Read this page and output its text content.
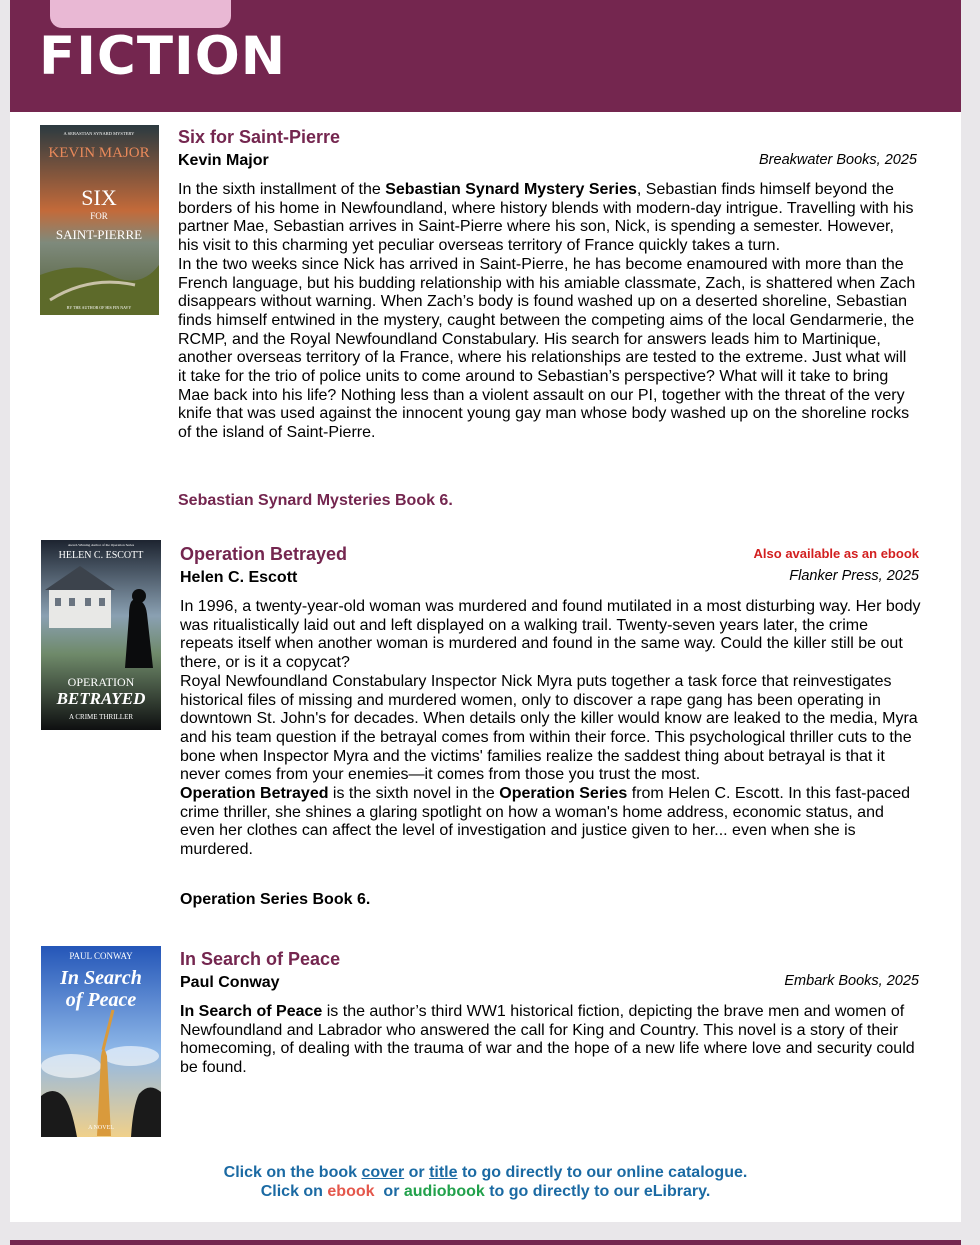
FICTION
A SEBASTIAN SYNARD MYSTERY
KEVIN MAJOR
SIX
FOR
SAINT-PIERRE
BY THE AUTHOR OF HIS FIN NAVY
Six for Saint-Pierre
Kevin Major	Breakwater Books, 2025

In the sixth installment of the Sebastian Synard Mystery Series, Sebastian finds himself beyond the borders of his home in Newfoundland, where history blends with modern-day intrigue. Travelling with his partner Mae, Sebastian arrives in Saint-Pierre where his son, Nick, is spending a semester. However, his visit to this charming yet peculiar overseas territory of France quickly takes a turn.

In the two weeks since Nick has arrived in Saint-Pierre, he has become enamoured with more than the French language, but his budding relationship with his amiable classmate, Zach, is shattered when Zach disappears without warning. When Zach’s body is found washed up on a deserted shoreline, Sebastian finds himself entwined in the mystery, caught between the competing aims of the local Gendarmerie, the RCMP, and the Royal Newfoundland Constabulary. His search for answers leads him to Martinique, another overseas territory of la France, where his relationships are tested to the extreme. Just what will it take for the trio of police units to come around to Sebastian’s perspective? What will it take to bring Mae back into his life? Nothing less than a violent assault on our PI, together with the threat of the very knife that was used against the innocent young gay man whose body washed up on the shoreline rocks of the island of Saint-Pierre.

Sebastian Synard Mysteries Book 6.
Award-Winning Author of the Operation Series
HELEN C. ESCOTT
OPERATION
BETRAYED
A CRIME THRILLER
Operation Betrayed	Also available as an ebook
Helen C. Escott	Flanker Press, 2025

In 1996, a twenty-year-old woman was murdered and found mutilated in a most disturbing way. Her body was ritualistically laid out and left displayed on a walking trail. Twenty-seven years later, the crime repeats itself when another woman is murdered and found in the same way. Could the killer still be out there, or is it a copycat?

Royal Newfoundland Constabulary Inspector Nick Myra puts together a task force that reinvestigates historical files of missing and murdered women, only to discover a rape gang has been operating in downtown St. John's for decades. When details only the killer would know are leaked to the media, Myra and his team question if the betrayal comes from within their force. This psychological thriller cuts to the bone when Inspector Myra and the victims' families realize the saddest thing about betrayal is that it never comes from your enemies—it comes from those you trust the most.

Operation Betrayed is the sixth novel in the Operation Series from Helen C. Escott. In this fast-paced crime thriller, she shines a glaring spotlight on how a woman's home address, economic status, and even her clothes can affect the level of investigation and justice given to her... even when she is murdered.

Operation Series Book 6.
PAUL CONWAY
In Search
of Peace
A NOVEL
In Search of Peace
Paul Conway	Embark Books, 2025

In Search of Peace is the author’s third WW1 historical fiction, depicting the brave men and women of Newfoundland and Labrador who answered the call for King and Country. This novel is a story of their homecoming, of dealing with the trauma of war and the hope of a new life where love and security could be found.

Click on the book cover or title to go directly to our online catalogue.
Click on ebook  or audiobook to go directly to our eLibrary.
